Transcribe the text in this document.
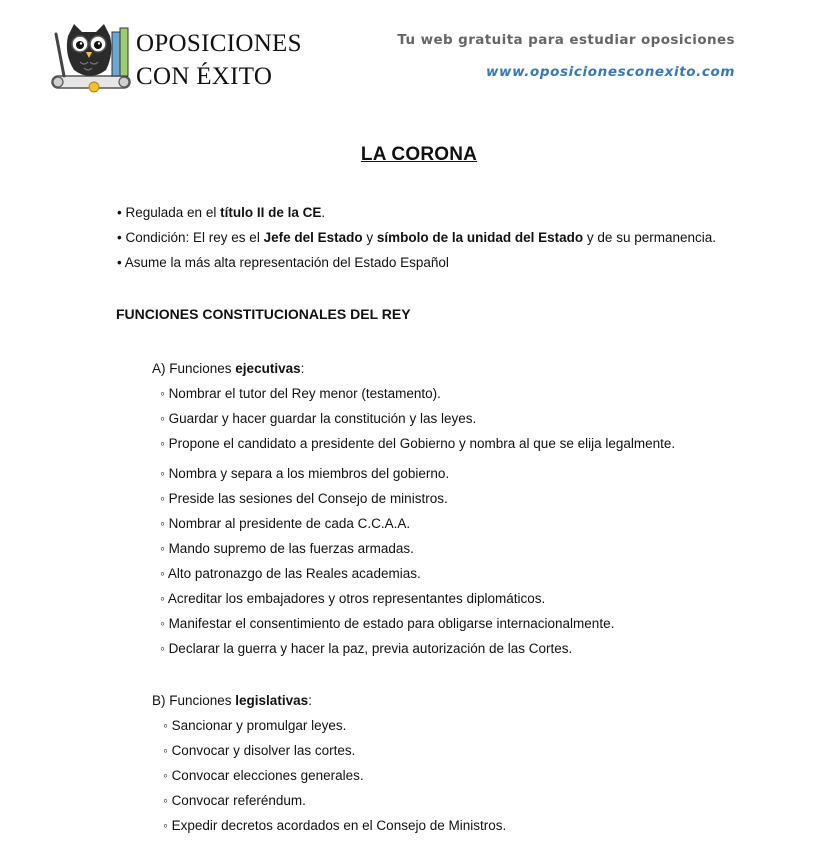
OPOSICIONES
CON ÉXITO
Tu web gratuita para estudiar oposiciones
www.oposicionesconexito.com
LA CORONA
• Regulada en el título II de la CE.
• Condición: El rey es el Jefe del Estado y símbolo de la unidad del Estado y de su permanencia.
• Asume la más alta representación del Estado Español
FUNCIONES CONSTITUCIONALES DEL REY
A) Funciones ejecutivas:
◦ Nombrar el tutor del Rey menor (testamento).
◦ Guardar y hacer guardar la constitución y las leyes.
◦ Propone el candidato a presidente del Gobierno y nombra al que se elija legalmente.
◦ Nombra y separa a los miembros del gobierno.
◦ Preside las sesiones del Consejo de ministros.
◦ Nombrar al presidente de cada C.C.A.A.
◦ Mando supremo de las fuerzas armadas.
◦ Alto patronazgo de las Reales academias.
◦ Acreditar los embajadores y otros representantes diplomáticos.
◦ Manifestar el consentimiento de estado para obligarse internacionalmente.
◦ Declarar la guerra y hacer la paz, previa autorización de las Cortes.
B) Funciones legislativas:
◦ Sancionar y promulgar leyes.
◦ Convocar y disolver las cortes.
◦ Convocar elecciones generales.
◦ Convocar referéndum.
◦ Expedir decretos acordados en el Consejo de Ministros.
